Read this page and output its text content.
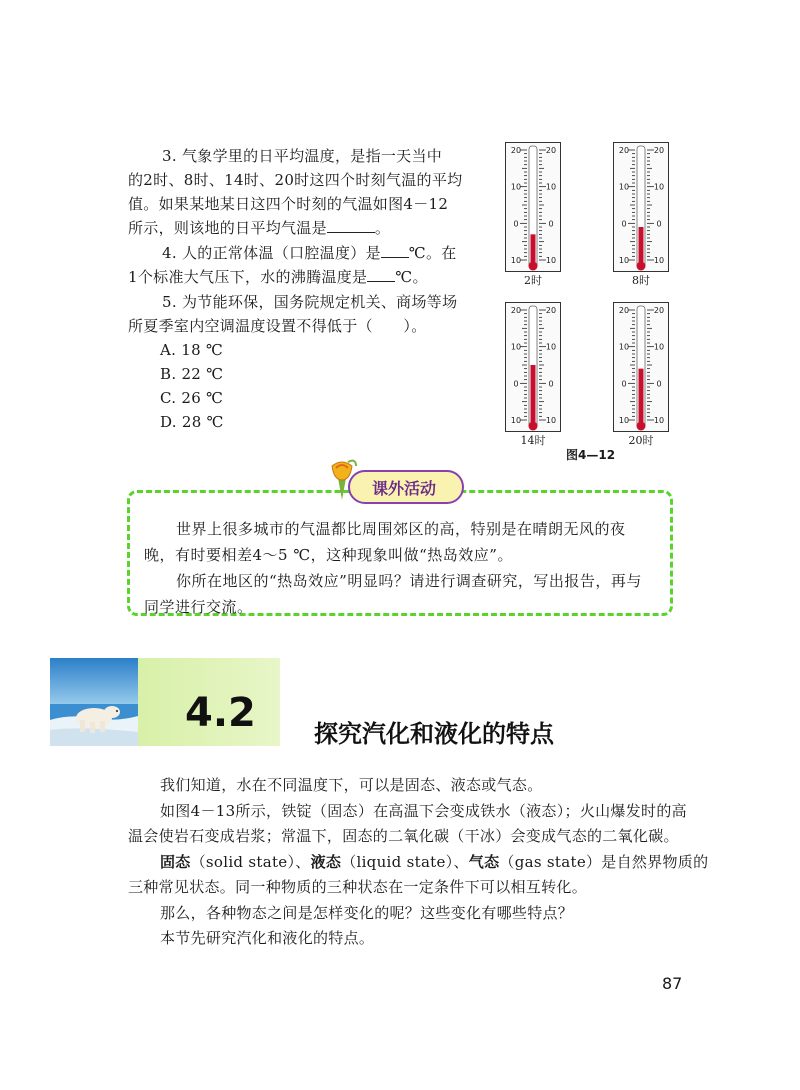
3. 气象学里的日平均温度，是指一天当中
的2时、8时、14时、20时这四个时刻气温的平均
值。如果某地某日这四个时刻的气温如图4－12
所示，则该地的日平均气温是	。
4. 人的正常体温（口腔温度）是 ℃。在
1个标准大气压下，水的沸腾温度是 ℃。
5. 为节能环保，国务院规定机关、商场等场
所夏季室内空调温度设置不得低于（　　）。
A. 18 ℃
B. 22 ℃
C. 26 ℃
D. 28 ℃
20	20
10	10
0	0
10	10
2时
20	20
10	10
0	0
10	10
8时
20	20
10	10
0	0
10	10
14时
20	20
10	10
0	0
10	10
20时
图4—12
课外活动
世界上很多城市的气温都比周围郊区的高，特别是在晴朗无风的夜
晚，有时要相差4～5 ℃，这种现象叫做“热岛效应”。
你所在地区的“热岛效应”明显吗？请进行调查研究，写出报告，再与
同学进行交流。
4.2 探究汽化和液化的特点
我们知道，水在不同温度下，可以是固态、液态或气态。
如图4－13所示，铁锭（固态）在高温下会变成铁水（液态）；火山爆发时的高
温会使岩石变成岩浆；常温下，固态的二氧化碳（干冰）会变成气态的二氧化碳。
固态（solid state）、液态（liquid state）、气态（gas state）是自然界物质的
三种常见状态。同一种物质的三种状态在一定条件下可以相互转化。
那么，各种物态之间是怎样变化的呢？这些变化有哪些特点？
本节先研究汽化和液化的特点。
87
